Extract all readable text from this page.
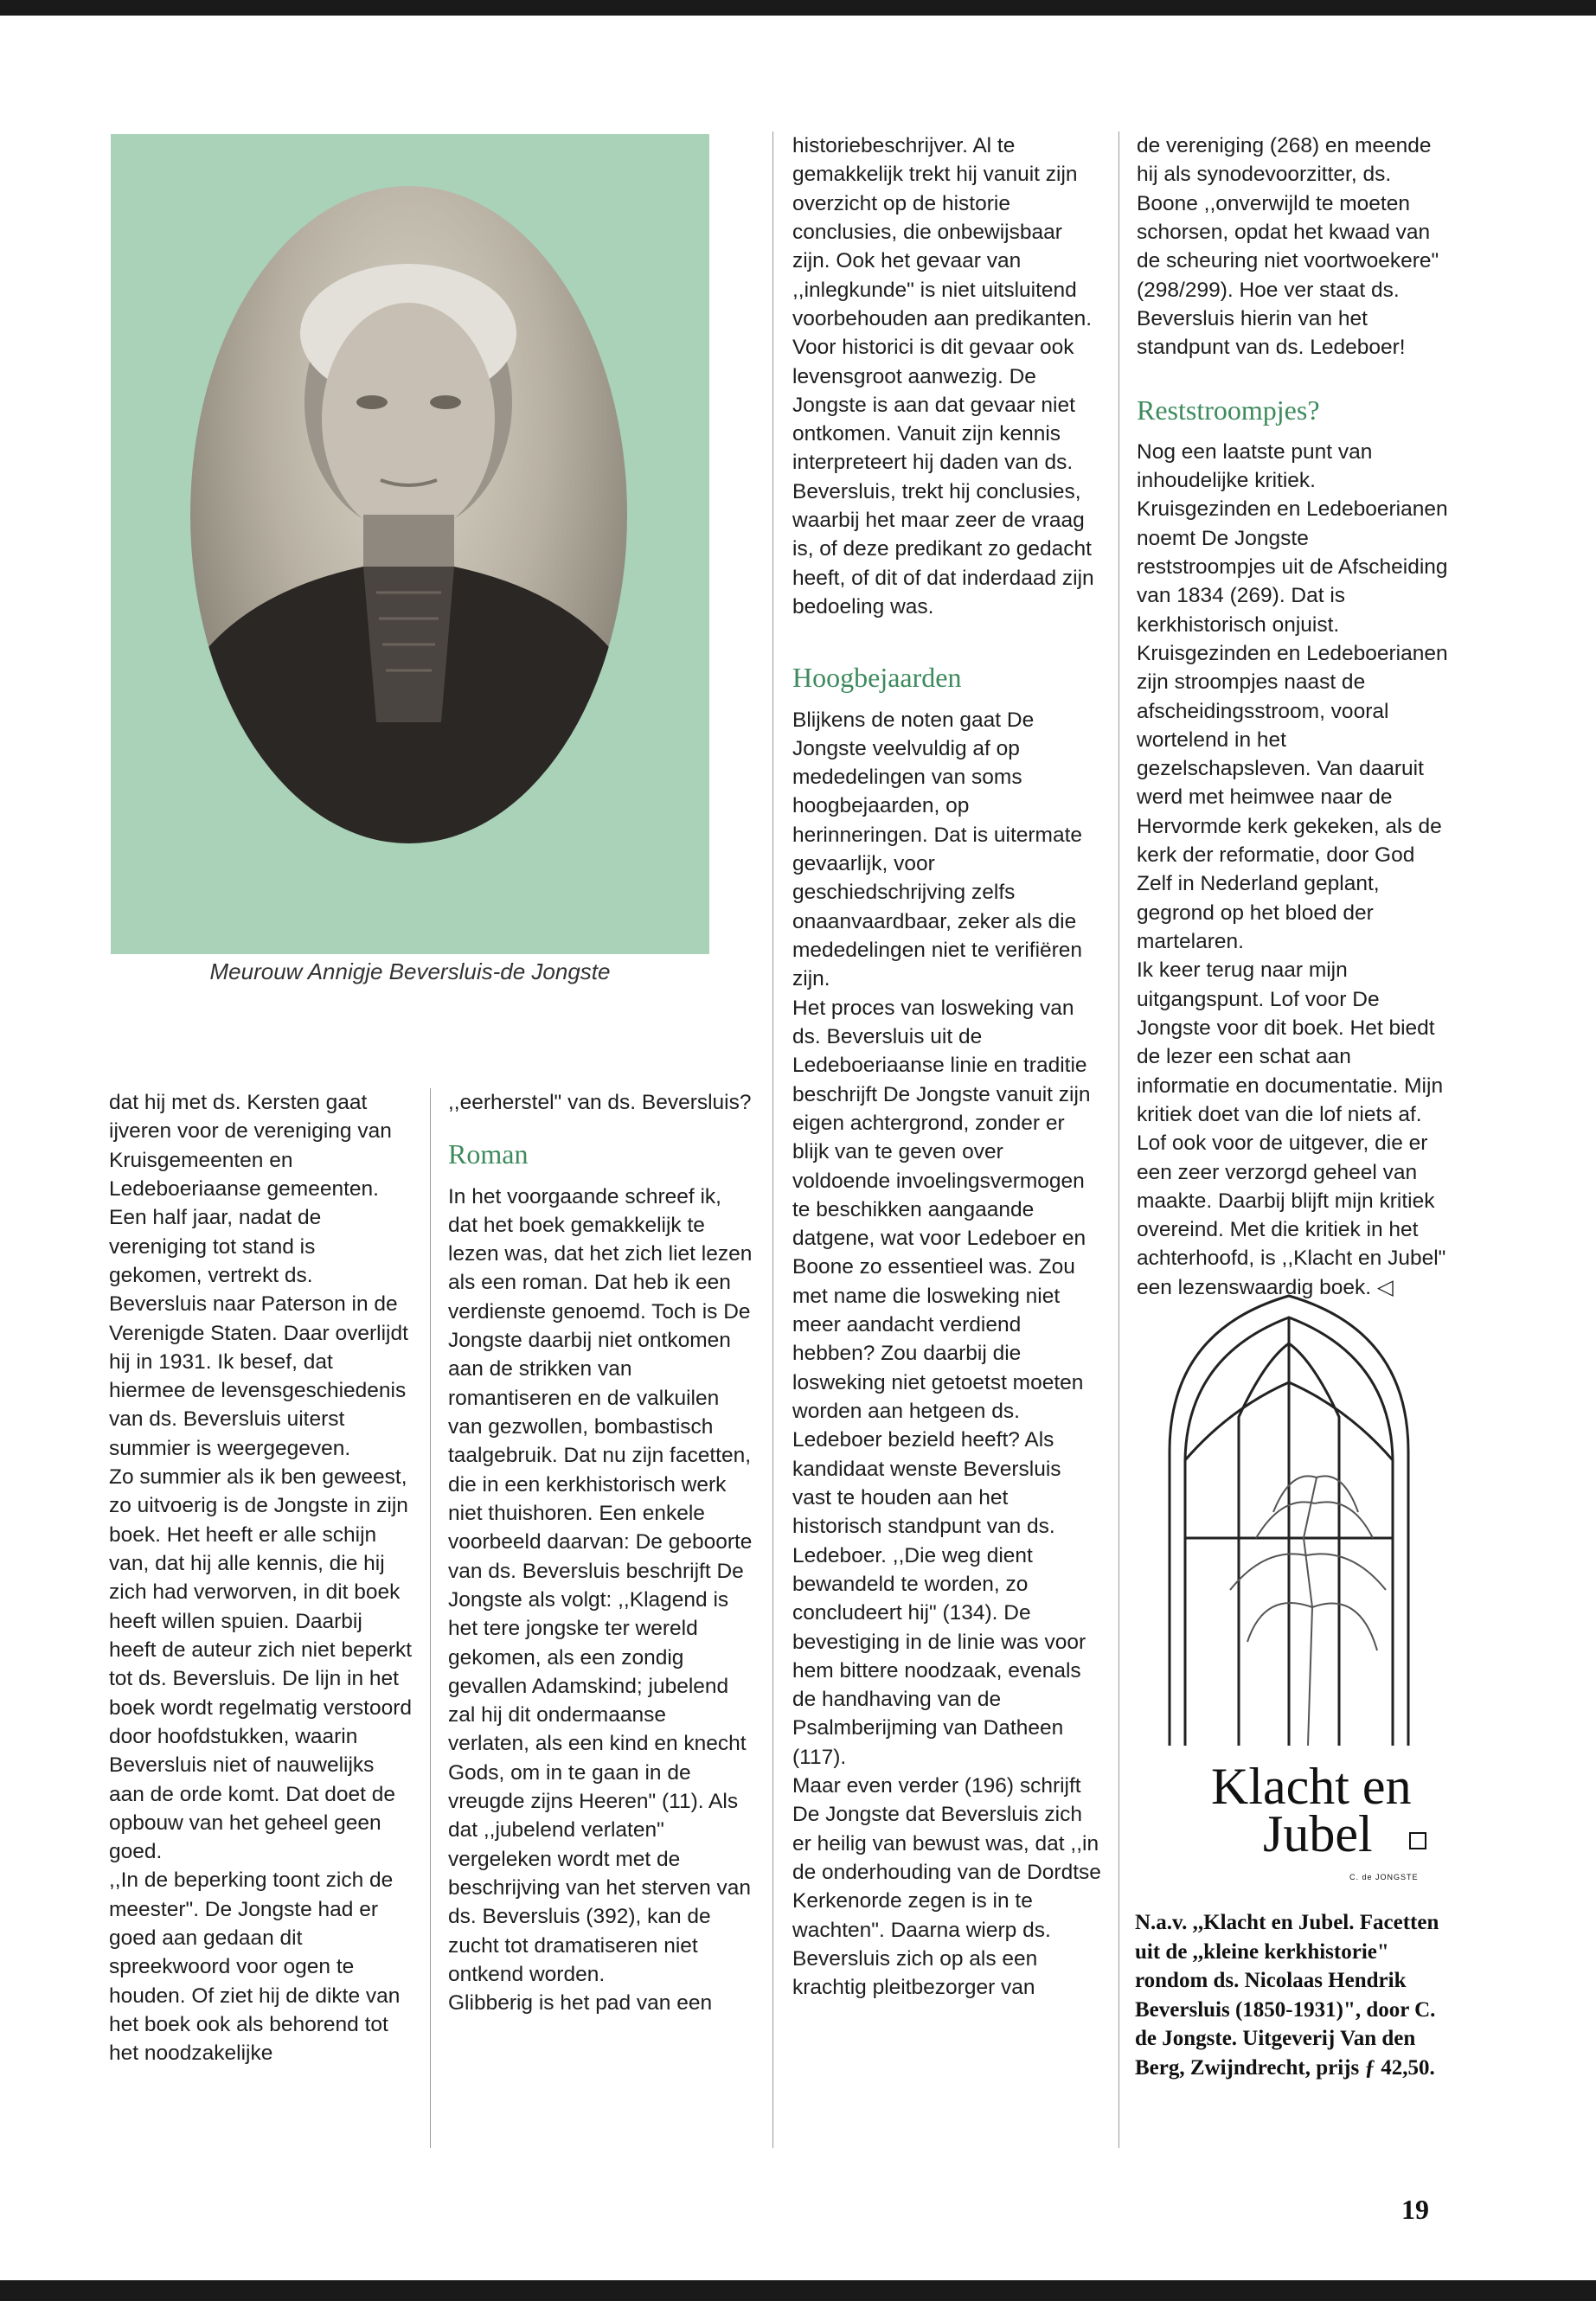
Meurouw Annigje Beversluis-de Jongste

dat hij met ds. Kersten gaat ijveren voor de vereniging van Kruisgemeenten en Ledeboeriaanse gemeenten. Een half jaar, nadat de vereniging tot stand is gekomen, vertrekt ds. Beversluis naar Paterson in de Verenigde Staten. Daar overlijdt hij in 1931. Ik besef, dat hiermee de levensgeschiedenis van ds. Beversluis uiterst summier is weergegeven.

Zo summier als ik ben geweest, zo uitvoerig is de Jongste in zijn boek. Het heeft er alle schijn van, dat hij alle kennis, die hij zich had verworven, in dit boek heeft willen spuien. Daarbij heeft de auteur zich niet beperkt tot ds. Beversluis. De lijn in het boek wordt regelmatig verstoord door hoofdstukken, waarin Beversluis niet of nauwelijks aan de orde komt. Dat doet de opbouw van het geheel geen goed.

,,In de beperking toont zich de meester". De Jongste had er goed aan gedaan dit spreekwoord voor ogen te houden. Of ziet hij de dikte van het boek ook als behorend tot het noodzakelijke

,,eerherstel" van ds. Beversluis?

Roman

In het voorgaande schreef ik, dat het boek gemakkelijk te lezen was, dat het zich liet lezen als een roman. Dat heb ik een verdienste genoemd. Toch is De Jongste daarbij niet ontkomen aan de strikken van romantiseren en de valkuilen van gezwollen, bombastisch taalgebruik. Dat nu zijn facetten, die in een kerkhistorisch werk niet thuishoren. Een enkele voorbeeld daarvan: De geboorte van ds. Beversluis beschrijft De Jongste als volgt: ,,Klagend is het tere jongske ter wereld gekomen, als een zondig gevallen Adamskind; jubelend zal hij dit ondermaanse verlaten, als een kind en knecht Gods, om in te gaan in de vreugde zijns Heeren" (11). Als dat ,,jubelend verlaten" vergeleken wordt met de beschrijving van het sterven van ds. Beversluis (392), kan de zucht tot dramatiseren niet ontkend worden.

Glibberig is het pad van een

historiebeschrijver. Al te gemakkelijk trekt hij vanuit zijn overzicht op de historie conclusies, die onbewijsbaar zijn. Ook het gevaar van ,,inlegkunde" is niet uitsluitend voorbehouden aan predikanten. Voor historici is dit gevaar ook levensgroot aanwezig. De Jongste is aan dat gevaar niet ontkomen. Vanuit zijn kennis interpreteert hij daden van ds. Beversluis, trekt hij conclusies, waarbij het maar zeer de vraag is, of deze predikant zo gedacht heeft, of dit of dat inderdaad zijn bedoeling was.

Hoogbejaarden

Blijkens de noten gaat De Jongste veelvuldig af op mededelingen van soms hoogbejaarden, op herinneringen. Dat is uitermate gevaarlijk, voor geschiedschrijving zelfs onaanvaardbaar, zeker als die mededelingen niet te verifiëren zijn.

Het proces van losweking van ds. Beversluis uit de Ledeboeriaanse linie en traditie beschrijft De Jongste vanuit zijn eigen achtergrond, zonder er blijk van te geven over voldoende invoelingsvermogen te beschikken aangaande datgene, wat voor Ledeboer en Boone zo essentieel was. Zou met name die losweking niet meer aandacht verdiend hebben? Zou daarbij die losweking niet getoetst moeten worden aan hetgeen ds. Ledeboer bezield heeft? Als kandidaat wenste Beversluis vast te houden aan het historisch standpunt van ds. Ledeboer. ,,Die weg dient bewandeld te worden, zo concludeert hij" (134). De bevestiging in de linie was voor hem bittere noodzaak, evenals de handhaving van de Psalmberijming van Datheen (117).

Maar even verder (196) schrijft De Jongste dat Beversluis zich er heilig van bewust was, dat ,,in de onderhouding van de Dordtse Kerkenorde zegen is in te wachten". Daarna wierp ds. Beversluis zich op als een krachtig pleitbezorger van

de vereniging (268) en meende hij als synodevoorzitter, ds. Boone ,,onverwijld te moeten schorsen, opdat het kwaad van de scheuring niet voortwoekere" (298/299). Hoe ver staat ds. Beversluis hierin van het standpunt van ds. Ledeboer!

Reststroompjes?

Nog een laatste punt van inhoudelijke kritiek. Kruisgezinden en Ledeboerianen noemt De Jongste reststroompjes uit de Afscheiding van 1834 (269). Dat is kerkhistorisch onjuist. Kruisgezinden en Ledeboerianen zijn stroompjes naast de afscheidingsstroom, vooral wortelend in het gezelschapsleven. Van daaruit werd met heimwee naar de Hervormde kerk gekeken, als de kerk der reformatie, door God Zelf in Nederland geplant, gegrond op het bloed der martelaren.

Ik keer terug naar mijn uitgangspunt. Lof voor De Jongste voor dit boek. Het biedt de lezer een schat aan informatie en documentatie. Mijn kritiek doet van die lof niets af. Lof ook voor de uitgever, die er een zeer verzorgd geheel van maakte. Daarbij blijft mijn kritiek overeind. Met die kritiek in het achterhoofd, is ,,Klacht en Jubel" een lezenswaardig boek. ◁

Klacht en
Jubel
C. de JONGSTE
N.a.v. ,,Klacht en Jubel. Facetten uit de ,,kleine kerkhistorie" rondom ds. Nicolaas Hendrik Beversluis (1850-1931)", door C. de Jongste. Uitgeverij Van den Berg, Zwijndrecht, prijs ƒ 42,50.
19
